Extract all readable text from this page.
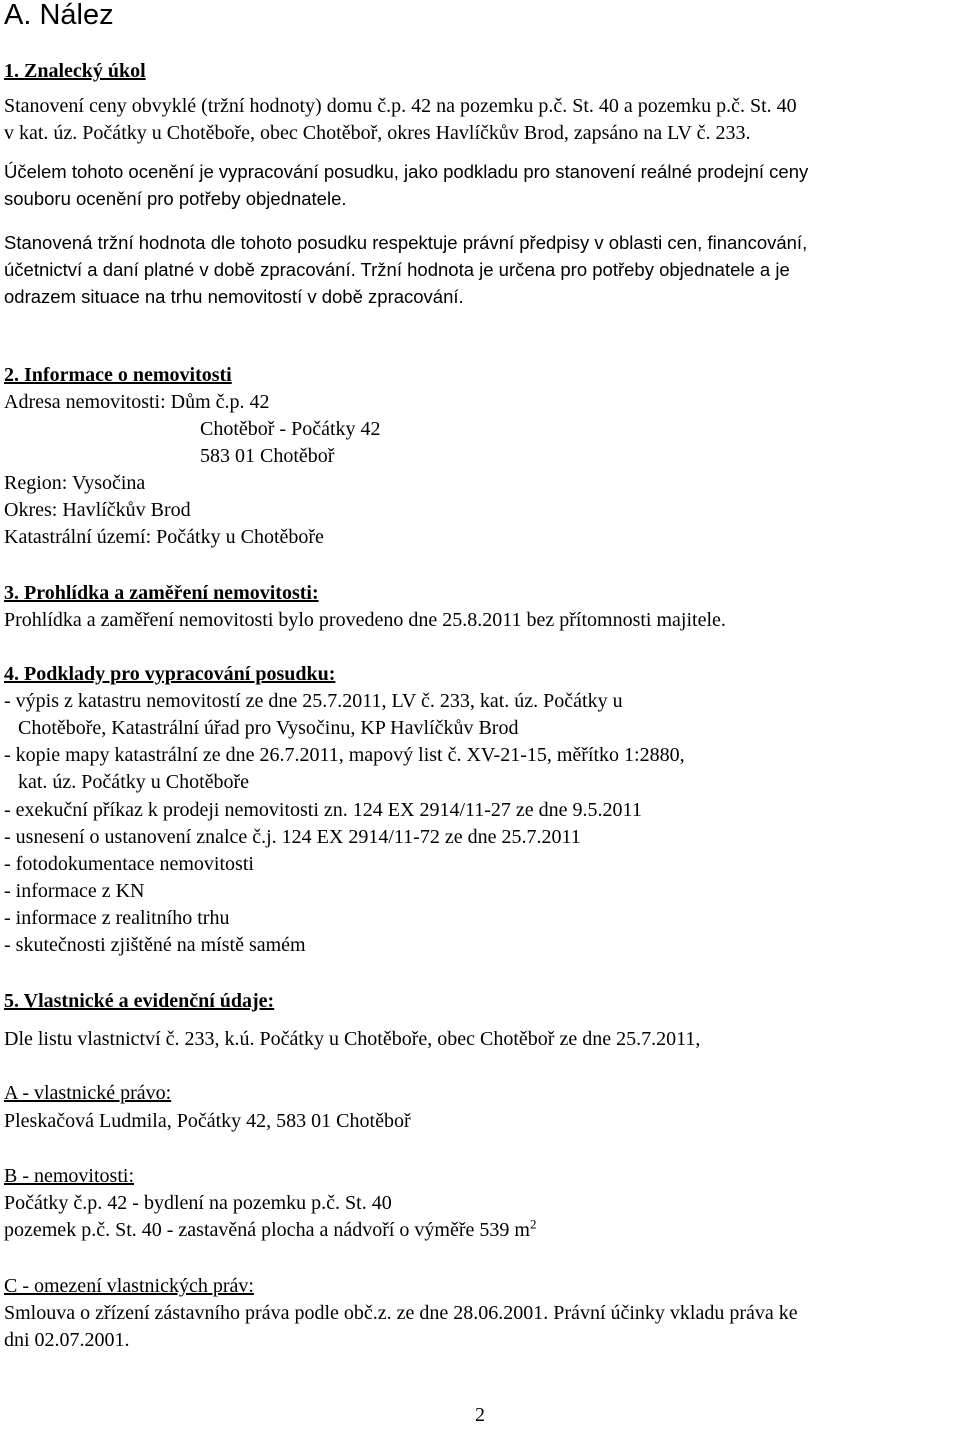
A. Nález
1. Znalecký úkol
Stanovení ceny obvyklé (tržní hodnoty) domu č.p. 42 na pozemku p.č. St. 40 a pozemku p.č. St. 40
v kat. úz. Počátky u Chotěboře, obec Chotěboř, okres Havlíčkův Brod, zapsáno na LV č. 233.
Účelem tohoto ocenění je vypracování posudku, jako podkladu pro stanovení reálné prodejní ceny
souboru ocenění pro potřeby objednatele.
Stanovená tržní hodnota dle tohoto posudku respektuje právní předpisy v oblasti cen, financování,
účetnictví a daní platné v době zpracování. Tržní hodnota je určena pro potřeby objednatele a je
odrazem situace na trhu nemovitostí v době zpracování.
2. Informace o nemovitosti
Adresa nemovitosti: Dům č.p. 42
Chotěboř - Počátky 42
583 01 Chotěboř
Region: Vysočina
Okres: Havlíčkův Brod
Katastrální území: Počátky u Chotěboře
3. Prohlídka a zaměření nemovitosti:
Prohlídka a zaměření nemovitosti bylo provedeno dne 25.8.2011 bez přítomnosti majitele.
4. Podklady pro vypracování posudku:
- výpis z katastru nemovitostí ze dne 25.7.2011, LV č. 233, kat. úz. Počátky u
Chotěboře, Katastrální úřad pro Vysočinu, KP Havlíčkův Brod
- kopie mapy katastrální ze dne 26.7.2011, mapový list č. XV-21-15, měřítko 1:2880,
kat. úz. Počátky u Chotěboře
- exekuční příkaz k prodeji nemovitosti zn. 124 EX 2914/11-27 ze dne 9.5.2011
- usnesení o ustanovení znalce č.j. 124 EX 2914/11-72 ze dne 25.7.2011
- fotodokumentace nemovitosti
- informace z KN
- informace z realitního trhu
- skutečnosti zjištěné na místě samém
5. Vlastnické a evidenční údaje:
Dle listu vlastnictví č. 233, k.ú. Počátky u Chotěboře, obec Chotěboř ze dne 25.7.2011,
A - vlastnické právo:
Pleskačová Ludmila, Počátky 42, 583 01 Chotěboř
B - nemovitosti:
Počátky č.p. 42 - bydlení na pozemku p.č. St. 40
pozemek p.č. St. 40 - zastavěná plocha a nádvoří o výměře 539 $m^2$
C - omezení vlastnických práv:
Smlouva o zřízení zástavního práva podle obč.z. ze dne 28.06.2001. Právní účinky vkladu práva ke
dni 02.07.2001.
2
